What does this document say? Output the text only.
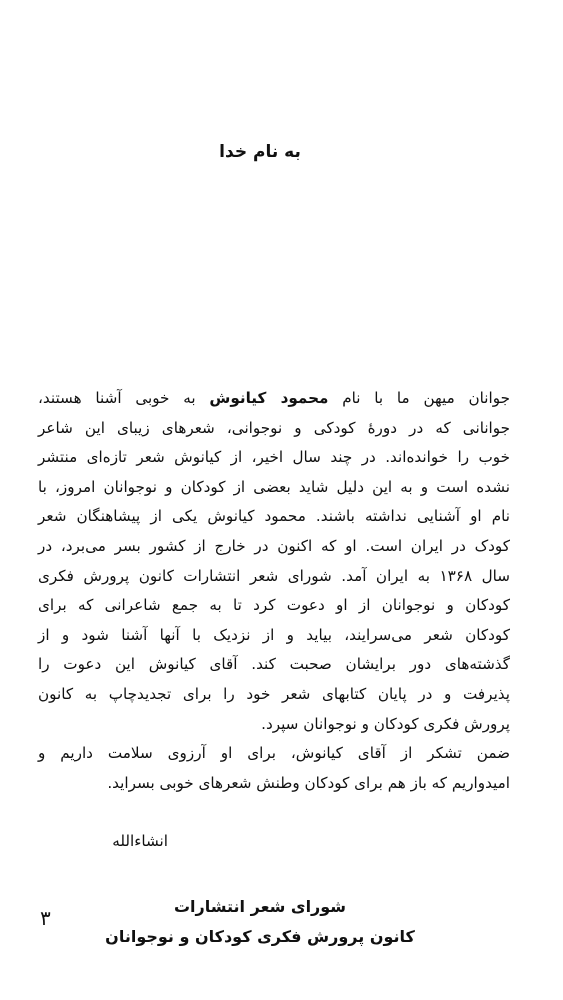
به نام خدا
جوانان میهن ما با نام محمود کیانوش به خوبی آشنا هستند،
جوانانی که در دورۀ کودکی و نوجوانی، شعرهای زیبای این شاعر
خوب را خوانده‌اند. در چند سال اخیر، از کیانوش شعر تازه‌ای منتشر
نشده است و به این دلیل شاید بعضی از کودکان و نوجوانان امروز، با
نام او آشنایی نداشته باشند. محمود کیانوش یکی از پیشاهنگان شعر
کودک در ایران است. او که اکنون در خارج از کشور بسر می‌برد، در
سال ۱۳۶۸ به ایران آمد. شورای شعر انتشارات کانون پرورش فکری
کودکان و نوجوانان از او دعوت کرد تا به جمع شاعرانی که برای
کودکان شعر می‌سرایند، بیاید و از نزدیک با آنها آشنا شود و از
گذشته‌های دور برایشان صحبت کند. آقای کیانوش این دعوت را
پذیرفت و در پایان کتابهای شعر خود را برای تجدیدچاپ به کانون
پرورش فکری کودکان و نوجوانان سپرد.
ضمن تشکر از آقای کیانوش، برای او آرزوی سلامت داریم و
امیدواریم که باز هم برای کودکان وطنش شعرهای خوبی بسراید.
انشاءالله
شورای شعر انتشارات
کانون پرورش فکری کودکان و نوجوانان
۳
